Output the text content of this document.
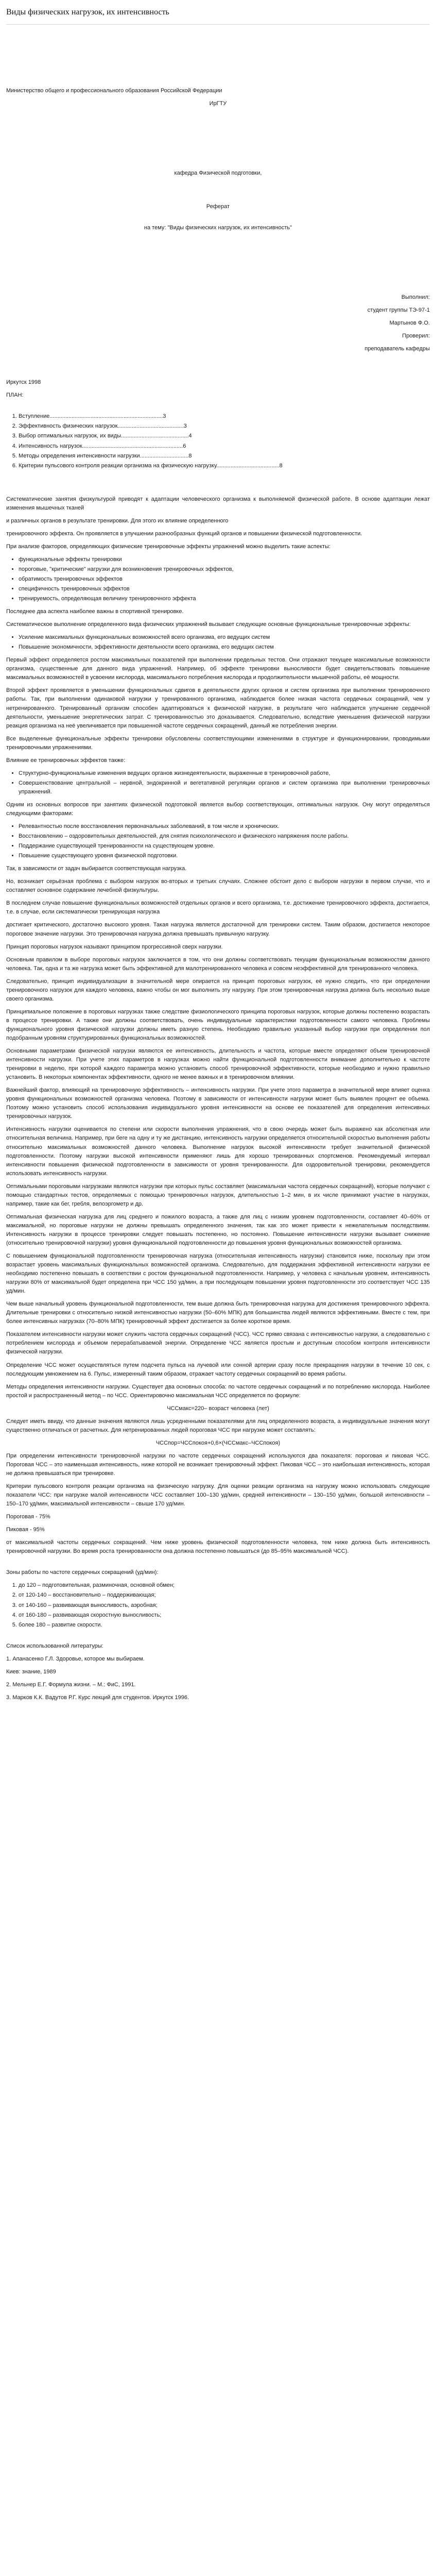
Виды физических нагрузок, их интенсивность

Министерство общего и профессионального образования Российской Федерации

ИрГТУ

кафедра Физической подготовки,

Реферат

на тему: "Виды физических нагрузок, их интенсивность"

Выполнил:

студент группы ТЭ-97-1

Мартынов Ф.О.

Проверил:

преподаватель кафедры

Иркутск 1998

ПЛАН:

1. Вступление........................................................................3
2. Эффективность физических нагрузок..........................................3
3. Выбор оптимальных нагрузок, их виды...........................................4
4. Интенсивность нагрузок................................................................6
5. Методы определения интенсивности нагрузки...............................8
6. Критерии пульсового контроля реакции организма на физическую нагрузку........................................8

Систематические занятия физкультурой приводят к адаптации человеческого организма к выполняемой физической работе. В основе адаптации лежат изменения мышечных тканей

и различных органов в результате тренировки. Для этого их влияние определенного

тренировочного эффекта. Он проявляется в улучшении разнообразных функций органов и повышении физической подготовленности.

При анализе факторов, определяющих физические тренировочные эффекты упражнений можно выделить такие аспекты:

• функциональные эффекты тренировки
• пороговые, "критические" нагрузки для возникновения тренировочных эффектов,
• обратимость тренировочных эффектов
• специфичность тренировочных эффектов
• тренируемость, определяющая величину тренировочного эффекта

Последнее два аспекта наиболее важны в спортивной тренировке.

Систематическое выполнение определенного вида физических упражнений вызывает следующие основные функциональные тренировочные эффекты:

• Усиление максимальных функциональных возможностей всего организма, его ведущих систем
• Повышение экономичности, эффективности деятельности всего организма, его ведущих систем

Первый эффект определяется ростом максимальных показателей при выполнении предельных тестов. Они отражают текущее максимальные возможности организма, существенные для данного вида упражнений. Например, об эффекте тренировки выносливости будет свидетельствовать повышение максимальных возможностей в усвоении кислорода, максимального потребления кислорода и продолжительности мышечной работы, её мощности.

Второй эффект проявляется в уменьшении функциональных сдвигов в деятельности других органов и систем организма при выполнении тренировочного работы. Так, при выполнении одинаковой нагрузки у тренированного организма, наблюдается более низкая частота сердечных сокращений, чем у нетренированного. Тренированный организм способен адаптироваться к физической нагрузке, в результате чего наблюдается улучшение сердечной деятельности, уменьшение энергетических затрат. С тренированностью это доказывается. Следовательно, вследствие уменьшения физической нагрузки реакция организма на неё увеличивается при повышенной частоте сердечных сокращений, данный же потребления энергии.

Все выделенные функциональные эффекты тренировки обусловлены соответствующими изменениями в структуре и функционировании, проводимыми тренировочными упражнениями.

Влияние ее тренировочных эффектов также:

• Структурно-функциональные изменения ведущих органов жизнедеятельности, выраженные в тренировочной работе,
• Совершенствование центральной – нервной, эндокринной и вегетативной регуляции органов и систем организма при выполнении тренировочных упражнений.

Одним из основных вопросов при занятиях физической подготовкой является выбор соответствующих, оптимальных нагрузок. Ону могут определяться следующими факторами:

• Релевантностью после восстановления первоначальных заболеваний, в том числе и хронических.
• Восстановлению – оздоровительных деятельностей, для снятия психологического и физического напряжения после работы.
• Поддержание существующей тренированности на существующем уровне.
• Повышение существующего уровня физической подготовки.

Так, в зависимости от задач выбирается соответствующая нагрузка.

Но, возникает серьёзная проблема с выбором нагрузок во-вторых и третьих случаях. Сложнее обстоит дело с выбором нагрузки в первом случае, что и составляет основное содержание лечебной физкультуры.

В последнем случае повышение функциональных возможностей отдельных органов и всего организма, т.е. достижение тренировочного эффекта, достигается, т.е. в случае, если систематически тренирующая нагрузка

достигает критического, достаточно высокого уровня. Такая нагрузка является достаточной для тренировки систем. Таким образом, достигается некоторое пороговое значение нагрузки. Это тренировочная нагрузка должна превышать привычную нагрузку.

Принцип пороговых нагрузок называют принципом прогрессивной сверх нагрузки.

Основным правилом в выборе пороговых нагрузок заключается в том, что они должны соответствовать текущим функциональным возможностям данного человека. Так, одна и та же нагрузка может быть эффективной для малотренированного человека и совсем неэффективной для тренированного человека.

Следовательно, принцип индивидуализации в значительной мере опирается на принцип пороговых нагрузок, её нужно следить, что при определении тренировочного нагрузок для каждого человека, важно чтобы он мог выполнить эту нагрузку. При этом тренировочная нагрузка должна быть несколько выше своего организма.

Принципиальное положение в пороговых нагрузках также следствие физиологического принципа пороговых нагрузок, которые должны постепенно возрастать в процессе тренировки. А также они должны соответствовать, очень индивидуальные характеристики подготовленности самого человека. Проблемы функционального уровня физической нагрузки должны иметь разную степень. Необходимо правильно указанный выбор нагрузки при определении пол подобранным уровням структурированных функциональных возможностей.

Основными параметрами физической нагрузки являются ее интенсивность, длительность и частота, которые вместе определяют объем тренировочной интенсивности нагрузки. При учете этих параметров в нагрузках можно найти функциональной подготовленности внимание дополнительно к частоте тренировки в неделю, при которой каждого параметра можно установить способ тренировочной эффективности, которые необходимо и нужно правильно установить. В некоторых компонентах эффективности, одного не менее важных и в тренировочном влиянии.

Важнейший фактор, влияющий на тренировочную эффективность – интенсивность нагрузки. При учете этого параметра в значительной мере влияет оценка уровня функциональных возможностей организма человека. Поэтому в зависимости от интенсивности нагрузки может быть выявлен процент ее объема. Поэтому можно установить способ использования индивидуального уровня интенсивности на основе ее показателей для определения интенсивных тренировочных нагрузок.

Интенсивность нагрузки оценивается по степени или скорости выполнения упражнения, что в свою очередь может быть выражено как абсолютная или относительная величина. Например, при беге на одну и ту же дистанцию, интенсивность нагрузки определяется относительной скоростью выполнения работы относительно максимальных возможностей данного человека. Выполнение нагрузок высокой интенсивности требует значительной физической подготовленности. Поэтому нагрузки высокой интенсивности применяют лишь для хорошо тренированных спортсменов. Рекомендуемый интервал интенсивности повышения физической подготовленности в зависимости от уровня тренированности. Для оздоровительной тренировки, рекомендуется использовать интенсивность нагрузки.

Оптимальными пороговыми нагрузками являются нагрузки при которых пульс составляет (максимальная частота сердечных сокращений), которые получают с помощью стандартных тестов, определяемых с помощью тренировочных нагрузок, длительностью 1–2 мин, в их числе принимают участие в нагрузках, например, такие как бег, гребля, велоэргометр и др.

Оптимальная физическая нагрузка для лиц среднего и пожилого возраста, а также для лиц с низким уровнем подготовленности, составляет 40–60% от максимальной, но пороговые нагрузки не должны превышать определенного значения, так как это может привести к нежелательным последствиям. Интенсивность нагрузки в процессе тренировки следует повышать постепенно, но постоянно. Повышение интенсивности нагрузки вызывает снижение (относительно тренировочной нагрузки) уровня функциональной подготовленности до повышения уровня функциональных возможностей организма.

С повышением функциональной подготовленности тренировочная нагрузка (относительная интенсивность нагрузки) становится ниже, поскольку при этом возрастает уровень максимальных функциональных возможностей организма. Следовательно, для поддержания эффективной интенсивности нагрузки ее необходимо постепенно повышать в соответствии с ростом функциональной подготовленности. Например, у человека с начальным уровнем, интенсивность нагрузки 80% от максимальной будет определена при ЧСС 150 уд/мин, а при последующем повышении уровня подготовленности это соответствует ЧСС 135 уд/мин.

Чем выше начальный уровень функциональной подготовленности, тем выше должна быть тренировочная нагрузка для достижения тренировочного эффекта. Длительные тренировки с относительно низкой интенсивностью нагрузки (50–60% МПК) для большинства людей являются эффективными. Вместе с тем, при более интенсивных нагрузках (70–80% МПК) тренировочный эффект достигается за более короткое время.

Показателем интенсивности нагрузки может служить частота сердечных сокращений (ЧСС). ЧСС прямо связана с интенсивностью нагрузки, а следовательно с потреблением кислорода и объемом перерабатываемой энергии. Определение ЧСС является простым и доступным способом контроля интенсивности физической нагрузки.

Определение ЧСС может осуществляться путем подсчета пульса на лучевой или сонной артерии сразу после прекращения нагрузки в течение 10 сек, с последующим умножением на 6. Пульс, измеренный таким образом, отражает частоту сердечных сокращений во время работы.

Методы определения интенсивности нагрузки. Существует два основных способа: по частоте сердечных сокращений и по потреблению кислорода. Наиболее простой и распространенный метод – по ЧСС. Ориентировочно максимальная ЧСС определяется по формуле:

ЧССмакс=220– возраст человека (лет)

Следует иметь ввиду, что данные значения являются лишь усредненными показателями для лиц определенного возраста, а индивидуальные значения могут существенно отличаться от расчетных. Для нетренированных людей пороговая ЧСС при нагрузке может составлять:

ЧССпор=ЧССпокоя+0,6×(ЧССмакс–ЧССпокоя)

При определении интенсивности тренировочной нагрузки по частоте сердечных сокращений используются два показателя: пороговая и пиковая ЧСС. Пороговая ЧСС – это наименьшая интенсивность, ниже которой не возникает тренировочный эффект. Пиковая ЧСС – это наибольшая интенсивность, которая не должна превышаться при тренировке.

Критерии пульсового контроля реакции организма на физическую нагрузку. Для оценки реакции организма на нагрузку можно использовать следующие показатели ЧСС: при нагрузке малой интенсивности ЧСС составляет 100–130 уд/мин, средней интенсивности – 130–150 уд/мин, большой интенсивности – 150–170 уд/мин, максимальной интенсивности – свыше 170 уд/мин.

Пороговая - 75%

Пиковая - 95%

от максимальной частоты сердечных сокращений. Чем ниже уровень физической подготовленности человека, тем ниже должна быть интенсивность тренировочной нагрузки. Во время роста тренированности она должна постепенно повышаться (до 85–95% максимальной ЧСС).

Зоны работы по частоте сердечных сокращений (уд/мин):

1. до 120 – подготовительная, разминочная, основной обмен;
2. от 120-140 – восстановительно – поддерживающая;
3. от 140-160 – развивающая выносливость, аэробная;
4. от 160-180 – развивающая скоростную выносливость;
5. более 180 – развитие скорости.

Список использованной литературы:

1. Апанасенко Г.Л. Здоровье, которое мы выбираем.

Киев: знание, 1989

2. Мельнер Е.Г. Формула жизни. – М.: ФиС, 1991.

3. Марков К.К. Вадутов Р.Г. Курс лекций для студентов. Иркутск 1996.
